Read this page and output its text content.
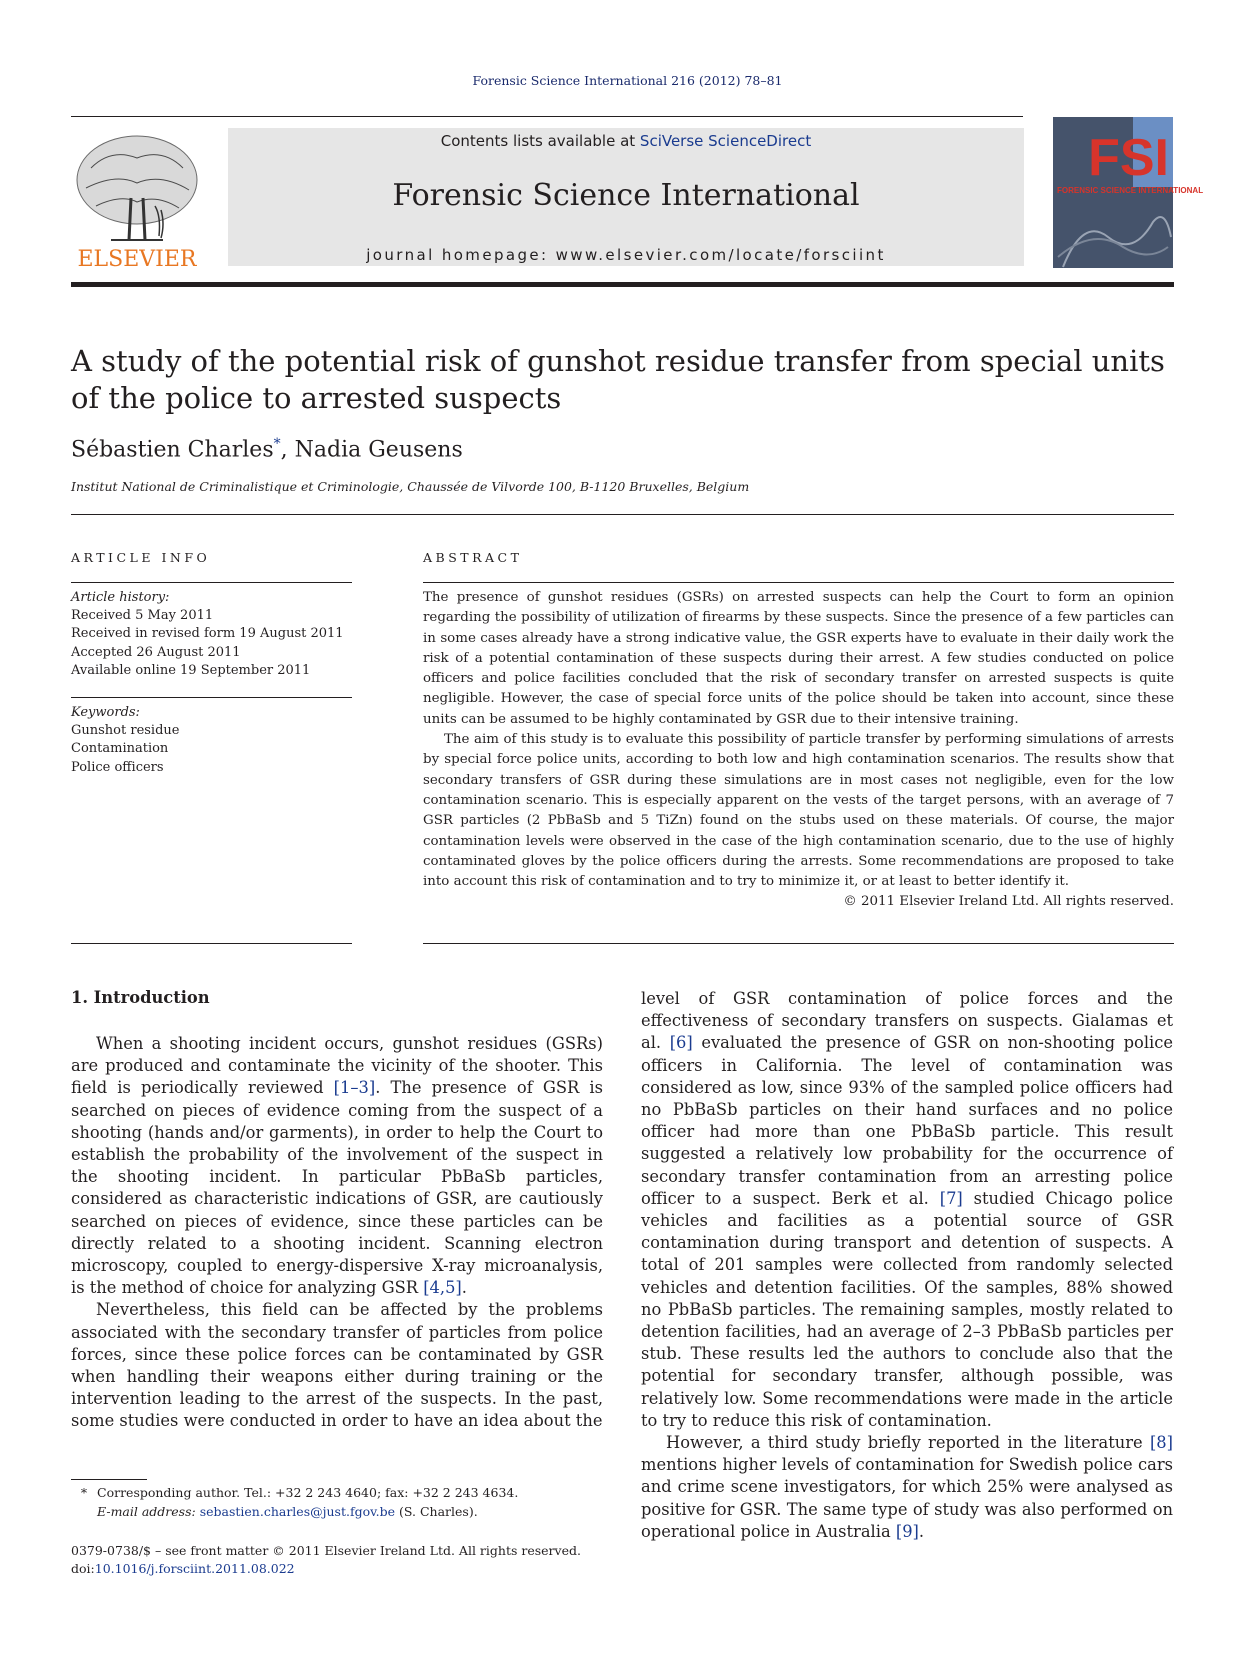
Forensic Science International 216 (2012) 78–81
ELSEVIER
Contents lists available at SciVerse ScienceDirect
Forensic Science International
journal homepage: www.elsevier.com/locate/forsciint
FSI
FORENSIC SCIENCE INTERNATIONAL
A study of the potential risk of gunshot residue transfer from special units of the police to arrested suspects
Sébastien Charles*, Nadia Geusens
Institut National de Criminalistique et Criminologie, Chaussée de Vilvorde 100, B-1120 Bruxelles, Belgium
ARTICLE INFO
Article history:
Received 5 May 2011
Received in revised form 19 August 2011
Accepted 26 August 2011
Available online 19 September 2011
Keywords:
Gunshot residue
Contamination
Police officers
ABSTRACT

The presence of gunshot residues (GSRs) on arrested suspects can help the Court to form an opinion regarding the possibility of utilization of firearms by these suspects. Since the presence of a few particles can in some cases already have a strong indicative value, the GSR experts have to evaluate in their daily work the risk of a potential contamination of these suspects during their arrest. A few studies conducted on police officers and police facilities concluded that the risk of secondary transfer on arrested suspects is quite negligible. However, the case of special force units of the police should be taken into account, since these units can be assumed to be highly contaminated by GSR due to their intensive training.

The aim of this study is to evaluate this possibility of particle transfer by performing simulations of arrests by special force police units, according to both low and high contamination scenarios. The results show that secondary transfers of GSR during these simulations are in most cases not negligible, even for the low contamination scenario. This is especially apparent on the vests of the target persons, with an average of 7 GSR particles (2 PbBaSb and 5 TiZn) found on the stubs used on these materials. Of course, the major contamination levels were observed in the case of the high contamination scenario, due to the use of highly contaminated gloves by the police officers during the arrests. Some recommendations are proposed to take into account this risk of contamination and to try to minimize it, or at least to better identify it.

© 2011 Elsevier Ireland Ltd. All rights reserved.

1. Introduction

When a shooting incident occurs, gunshot residues (GSRs) are produced and contaminate the vicinity of the shooter. This field is periodically reviewed [1–3]. The presence of GSR is searched on pieces of evidence coming from the suspect of a shooting (hands and/or garments), in order to help the Court to establish the probability of the involvement of the suspect in the shooting incident. In particular PbBaSb particles, considered as characteristic indications of GSR, are cautiously searched on pieces of evidence, since these particles can be directly related to a shooting incident. Scanning electron microscopy, coupled to energy-dispersive X-ray microanalysis, is the method of choice for analyzing GSR [4,5].

Nevertheless, this field can be affected by the problems associated with the secondary transfer of particles from police forces, since these police forces can be contaminated by GSR when handling their weapons either during training or the intervention leading to the arrest of the suspects. In the past, some studies were conducted in order to have an idea about the

level of GSR contamination of police forces and the effectiveness of secondary transfers on suspects. Gialamas et al. [6] evaluated the presence of GSR on non-shooting police officers in California. The level of contamination was considered as low, since 93% of the sampled police officers had no PbBaSb particles on their hand surfaces and no police officer had more than one PbBaSb particle. This result suggested a relatively low probability for the occurrence of secondary transfer contamination from an arresting police officer to a suspect. Berk et al. [7] studied Chicago police vehicles and facilities as a potential source of GSR contamination during transport and detention of suspects. A total of 201 samples were collected from randomly selected vehicles and detention facilities. Of the samples, 88% showed no PbBaSb particles. The remaining samples, mostly related to detention facilities, had an average of 2–3 PbBaSb particles per stub. These results led the authors to conclude also that the potential for secondary transfer, although possible, was relatively low. Some recommendations were made in the article to try to reduce this risk of contamination.

However, a third study briefly reported in the literature [8] mentions higher levels of contamination for Swedish police cars and crime scene investigators, for which 25% were analysed as positive for GSR. The same type of study was also performed on operational police in Australia [9].

* Corresponding author. Tel.: +32 2 243 4640; fax: +32 2 243 4634.
E-mail address: sebastien.charles@just.fgov.be (S. Charles).
0379-0738/$ – see front matter © 2011 Elsevier Ireland Ltd. All rights reserved.
doi:10.1016/j.forsciint.2011.08.022
